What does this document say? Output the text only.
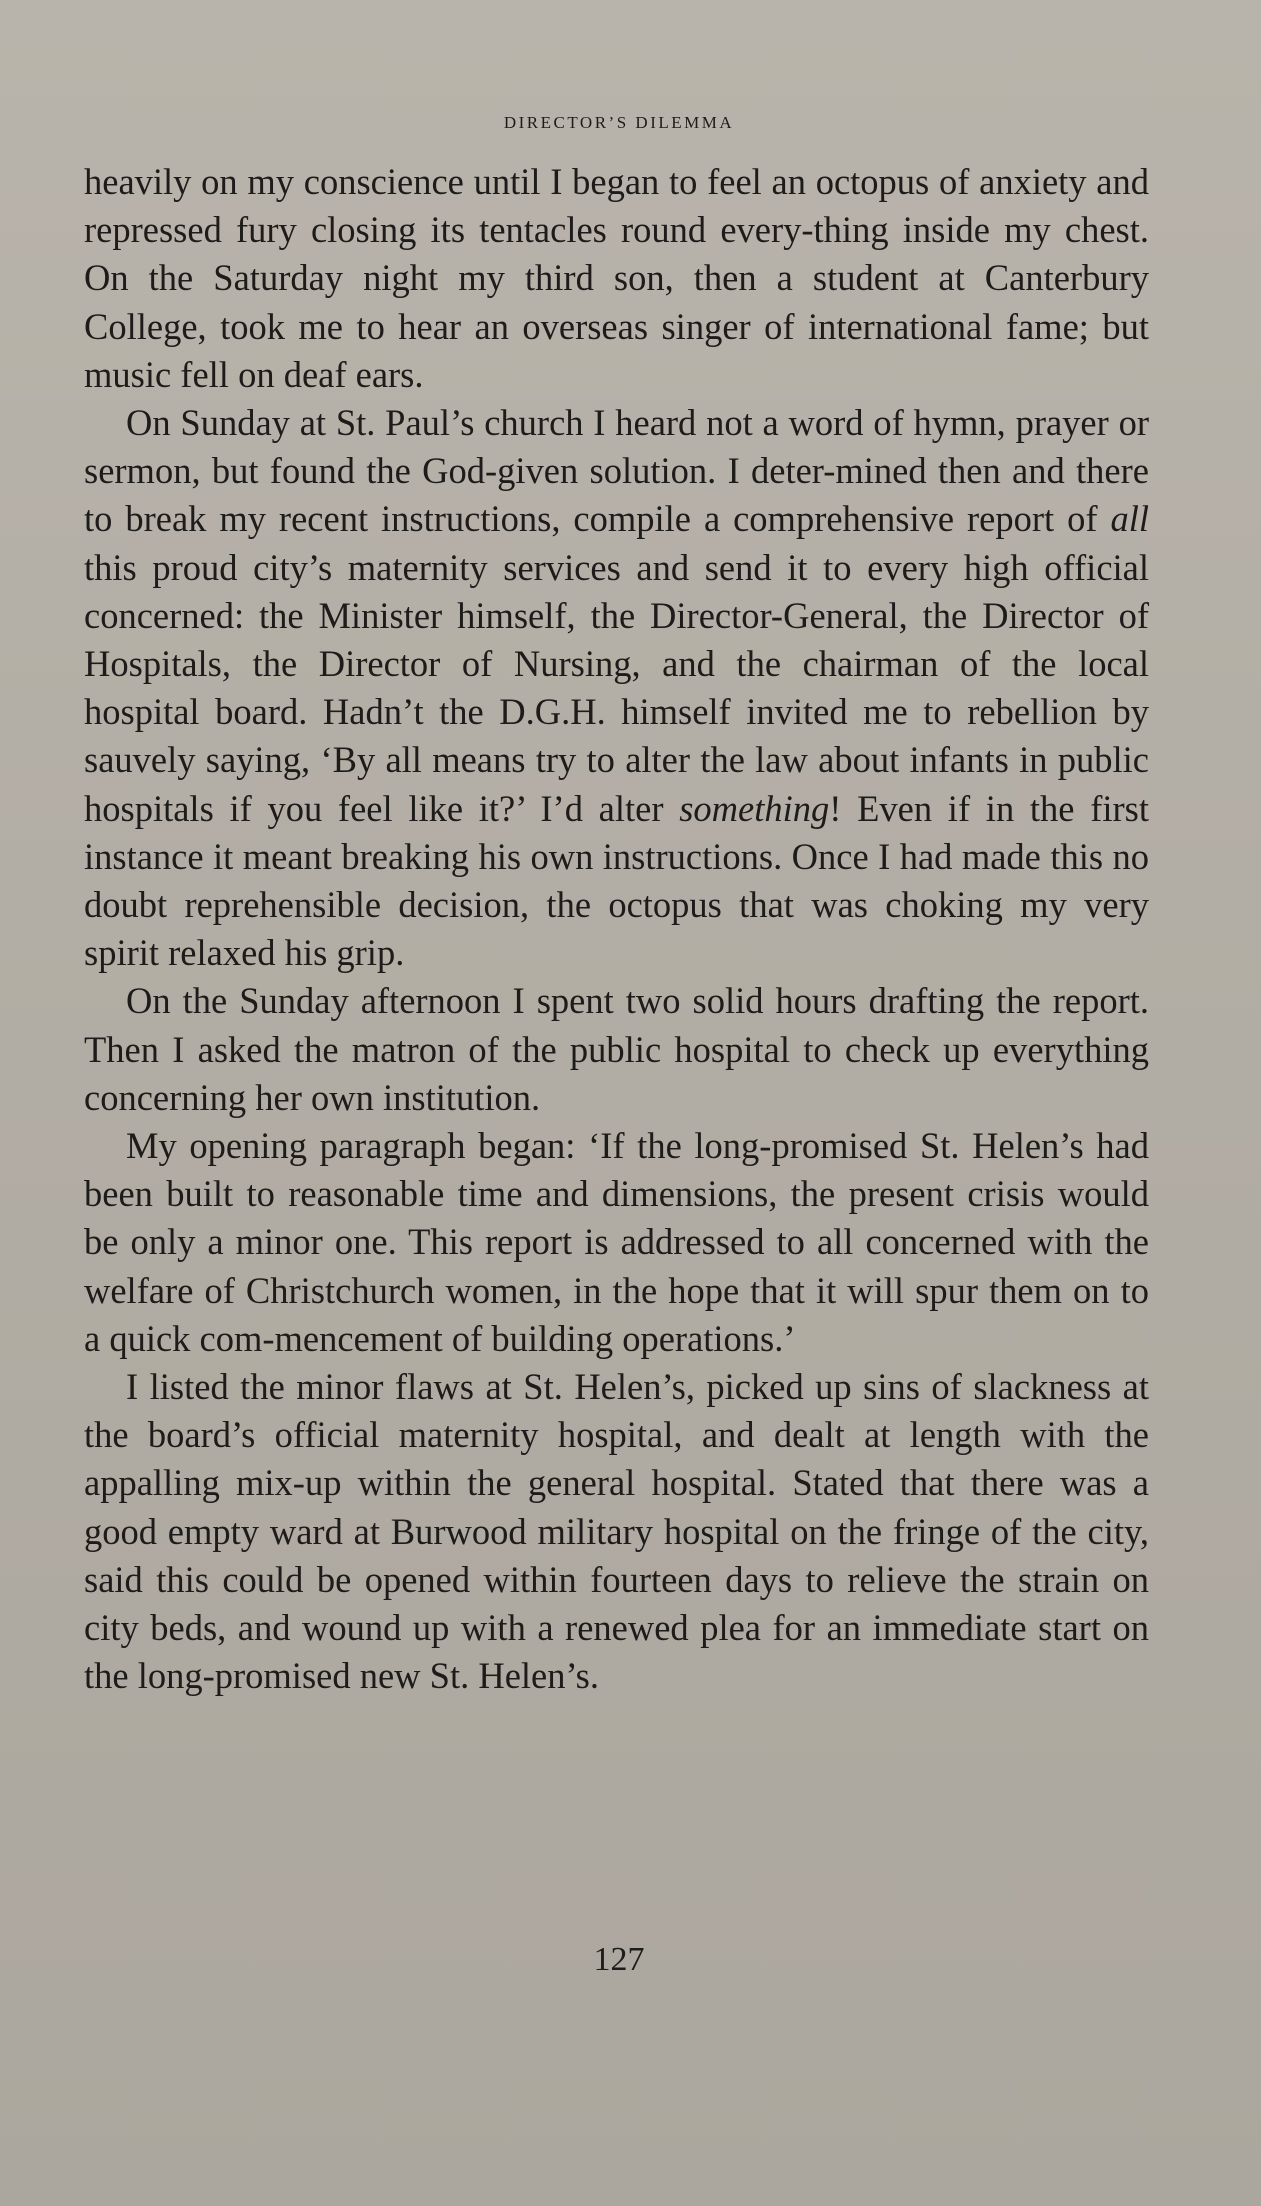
director’s dilemma

heavily on my conscience until I began to feel an octopus of anxiety and repressed fury closing its tentacles round every-thing inside my chest. On the Saturday night my third son, then a student at Canterbury College, took me to hear an overseas singer of international fame; but music fell on deaf ears.

On Sunday at St. Paul’s church I heard not a word of hymn, prayer or sermon, but found the God-given solution. I deter-mined then and there to break my recent instructions, compile a comprehensive report of all this proud city’s maternity services and send it to every high official concerned: the Minister himself, the Director-General, the Director of Hospitals, the Director of Nursing, and the chairman of the local hospital board. Hadn’t the D.G.H. himself invited me to rebellion by sauvely saying, ‘By all means try to alter the law about infants in public hospitals if you feel like it?’ I’d alter something! Even if in the first instance it meant breaking his own instructions. Once I had made this no doubt reprehensible decision, the octopus that was choking my very spirit relaxed his grip.

On the Sunday afternoon I spent two solid hours drafting the report. Then I asked the matron of the public hospital to check up everything concerning her own institution.

My opening paragraph began: ‘If the long-promised St. Helen’s had been built to reasonable time and dimensions, the present crisis would be only a minor one. This report is addressed to all concerned with the welfare of Christchurch women, in the hope that it will spur them on to a quick com-mencement of building operations.’

I listed the minor flaws at St. Helen’s, picked up sins of slackness at the board’s official maternity hospital, and dealt at length with the appalling mix-up within the general hospital. Stated that there was a good empty ward at Burwood military hospital on the fringe of the city, said this could be opened within fourteen days to relieve the strain on city beds, and wound up with a renewed plea for an immediate start on the long-promised new St. Helen’s.

127
